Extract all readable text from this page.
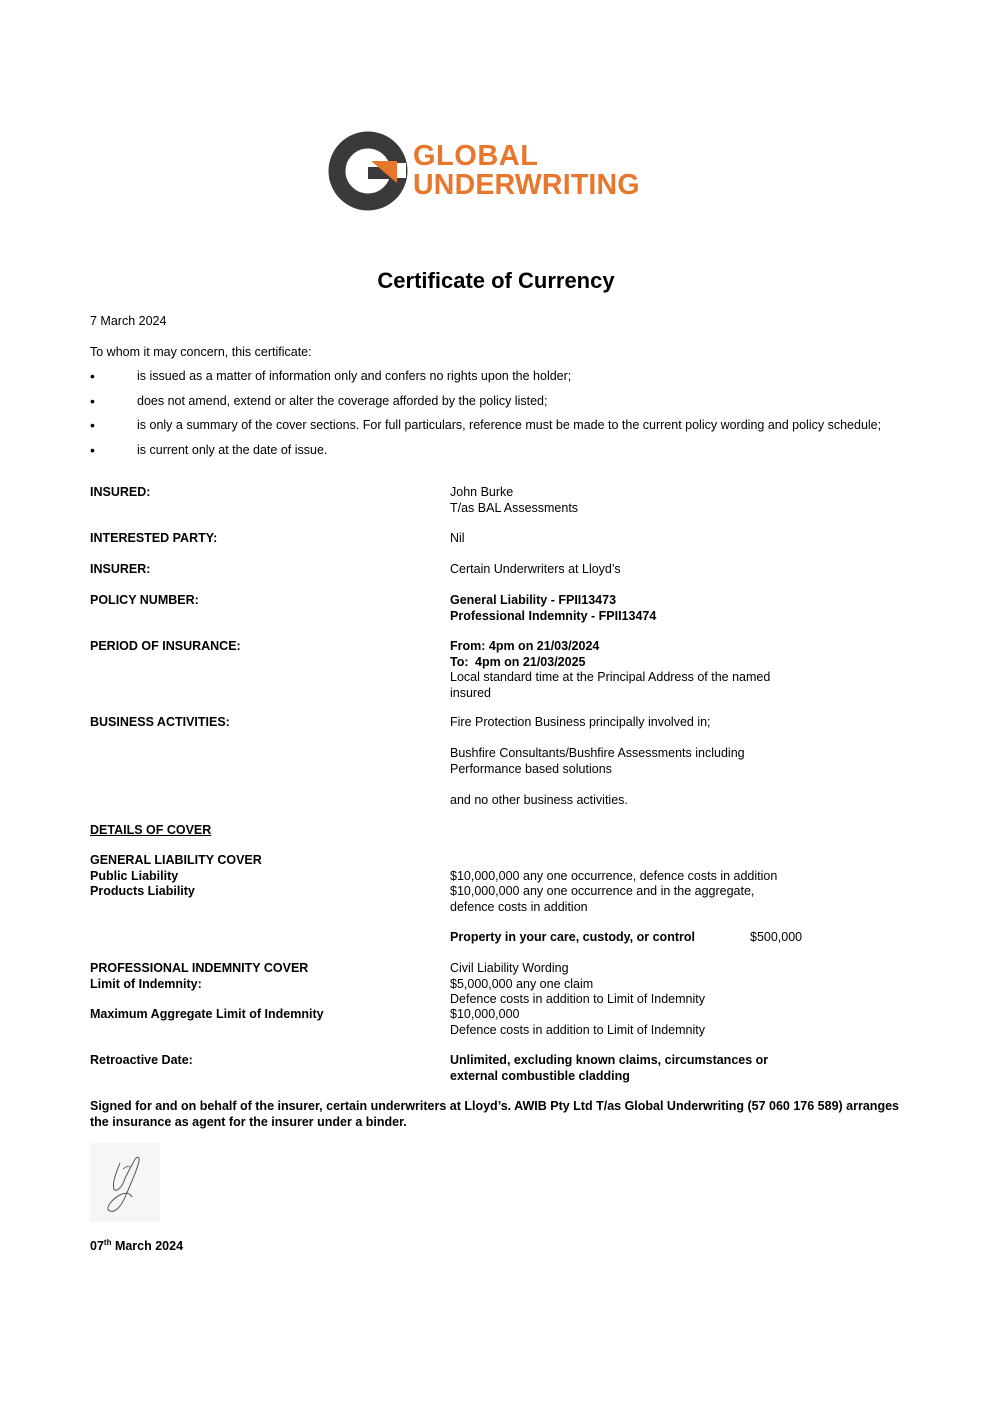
GLOBAL
UNDERWRITING
Certificate of Currency
7 March 2024
To whom it may concern, this certificate:
• is issued as a matter of information only and confers no rights upon the holder;
• does not amend, extend or alter the coverage afforded by the policy listed;
• is only a summary of the cover sections. For full particulars, reference must be made to the current policy wording and policy schedule;
• is current only at the date of issue.
INSURED:	John Burke
T/as BAL Assessments
INTERESTED PARTY:	Nil
INSURER:	Certain Underwriters at Lloyd’s
POLICY NUMBER:	General Liability - FPII13473
Professional Indemnity - FPII13474
PERIOD OF INSURANCE:	From: 4pm on 21/03/2024
To: 4pm on 21/03/2025
Local standard time at the Principal Address of the named insured
BUSINESS ACTIVITIES:	Fire Protection Business principally involved in;
Bushfire Consultants/Bushfire Assessments including Performance based solutions
and no other business activities.
DETAILS OF COVER
GENERAL LIABILITY COVER
Public Liability	$10,000,000 any one occurrence, defence costs in addition
Products Liability	$10,000,000 any one occurrence and in the aggregate, defence costs in addition
Property in your care, custody, or control	$500,000
PROFESSIONAL INDEMNITY COVER	Civil Liability Wording
Limit of Indemnity:	$5,000,000 any one claim
Defence costs in addition to Limit of Indemnity
Maximum Aggregate Limit of Indemnity	$10,000,000
Defence costs in addition to Limit of Indemnity
Retroactive Date:	Unlimited, excluding known claims, circumstances or external combustible cladding
Signed for and on behalf of the insurer, certain underwriters at Lloyd’s. AWIB Pty Ltd T/as Global Underwriting (57 060 176 589) arranges the insurance as agent for the insurer under a binder.
07th March 2024
